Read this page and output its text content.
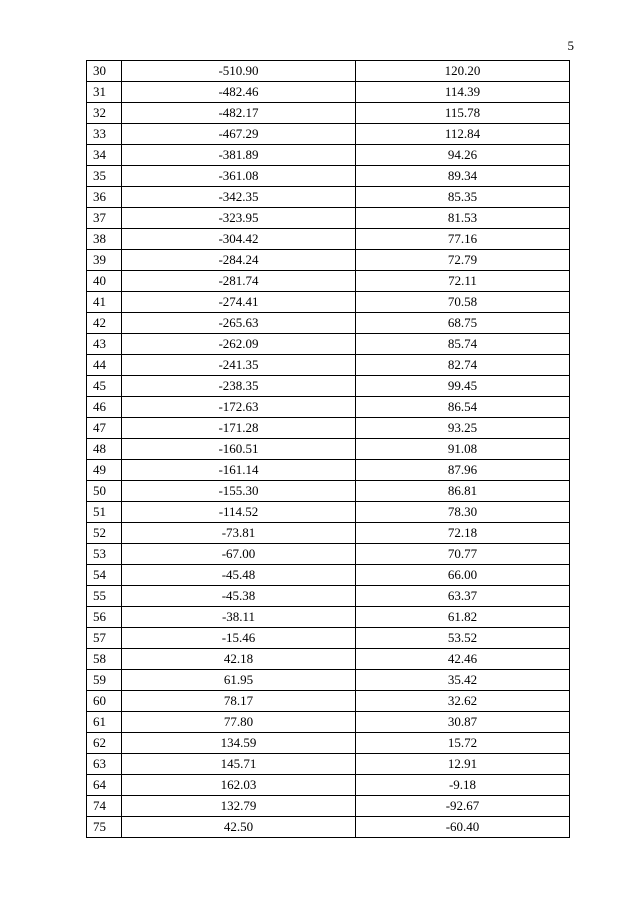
5
30	-510.90	120.20
31	-482.46	114.39
32	-482.17	115.78
33	-467.29	112.84
34	-381.89	94.26
35	-361.08	89.34
36	-342.35	85.35
37	-323.95	81.53
38	-304.42	77.16
39	-284.24	72.79
40	-281.74	72.11
41	-274.41	70.58
42	-265.63	68.75
43	-262.09	85.74
44	-241.35	82.74
45	-238.35	99.45
46	-172.63	86.54
47	-171.28	93.25
48	-160.51	91.08
49	-161.14	87.96
50	-155.30	86.81
51	-114.52	78.30
52	-73.81	72.18
53	-67.00	70.77
54	-45.48	66.00
55	-45.38	63.37
56	-38.11	61.82
57	-15.46	53.52
58	42.18	42.46
59	61.95	35.42
60	78.17	32.62
61	77.80	30.87
62	134.59	15.72
63	145.71	12.91
64	162.03	-9.18
74	132.79	-92.67
75	42.50	-60.40
